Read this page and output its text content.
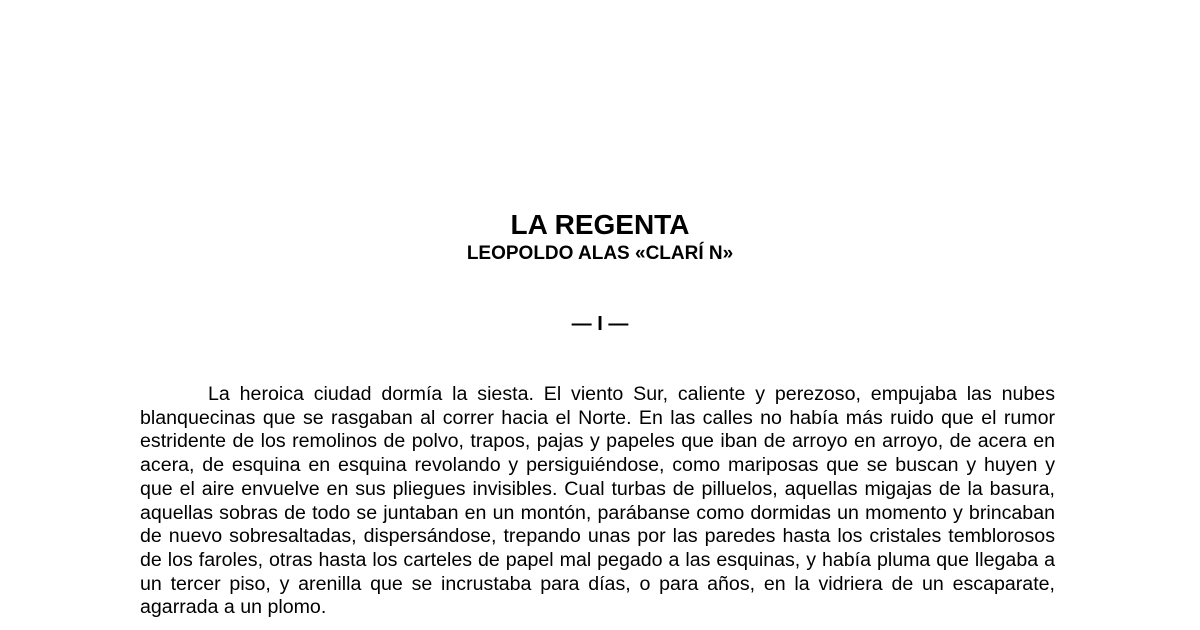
LA REGENTA
LEOPOLDO ALAS «CLARÍ N»
— I —

La heroica ciudad dormía la siesta. El viento Sur, caliente y perezoso, empujaba las nubes blanquecinas que se rasgaban al correr hacia el Norte. En las calles no había más ruido que el rumor estridente de los remolinos de polvo, trapos, pajas y papeles que iban de arroyo en arroyo, de acera en acera, de esquina en esquina revolando y persiguiéndose, como mariposas que se buscan y huyen y que el aire envuelve en sus pliegues invisibles. Cual turbas de pilluelos, aquellas migajas de la basura, aquellas sobras de todo se juntaban en un montón, parábanse como dormidas un momento y brincaban de nuevo sobresaltadas, dispersándose, trepando unas por las paredes hasta los cristales temblorosos de los faroles, otras hasta los carteles de papel mal pegado a las esquinas, y había pluma que llegaba a un tercer piso, y arenilla que se incrustaba para días, o para años, en la vidriera de un escaparate, agarrada a un plomo.
